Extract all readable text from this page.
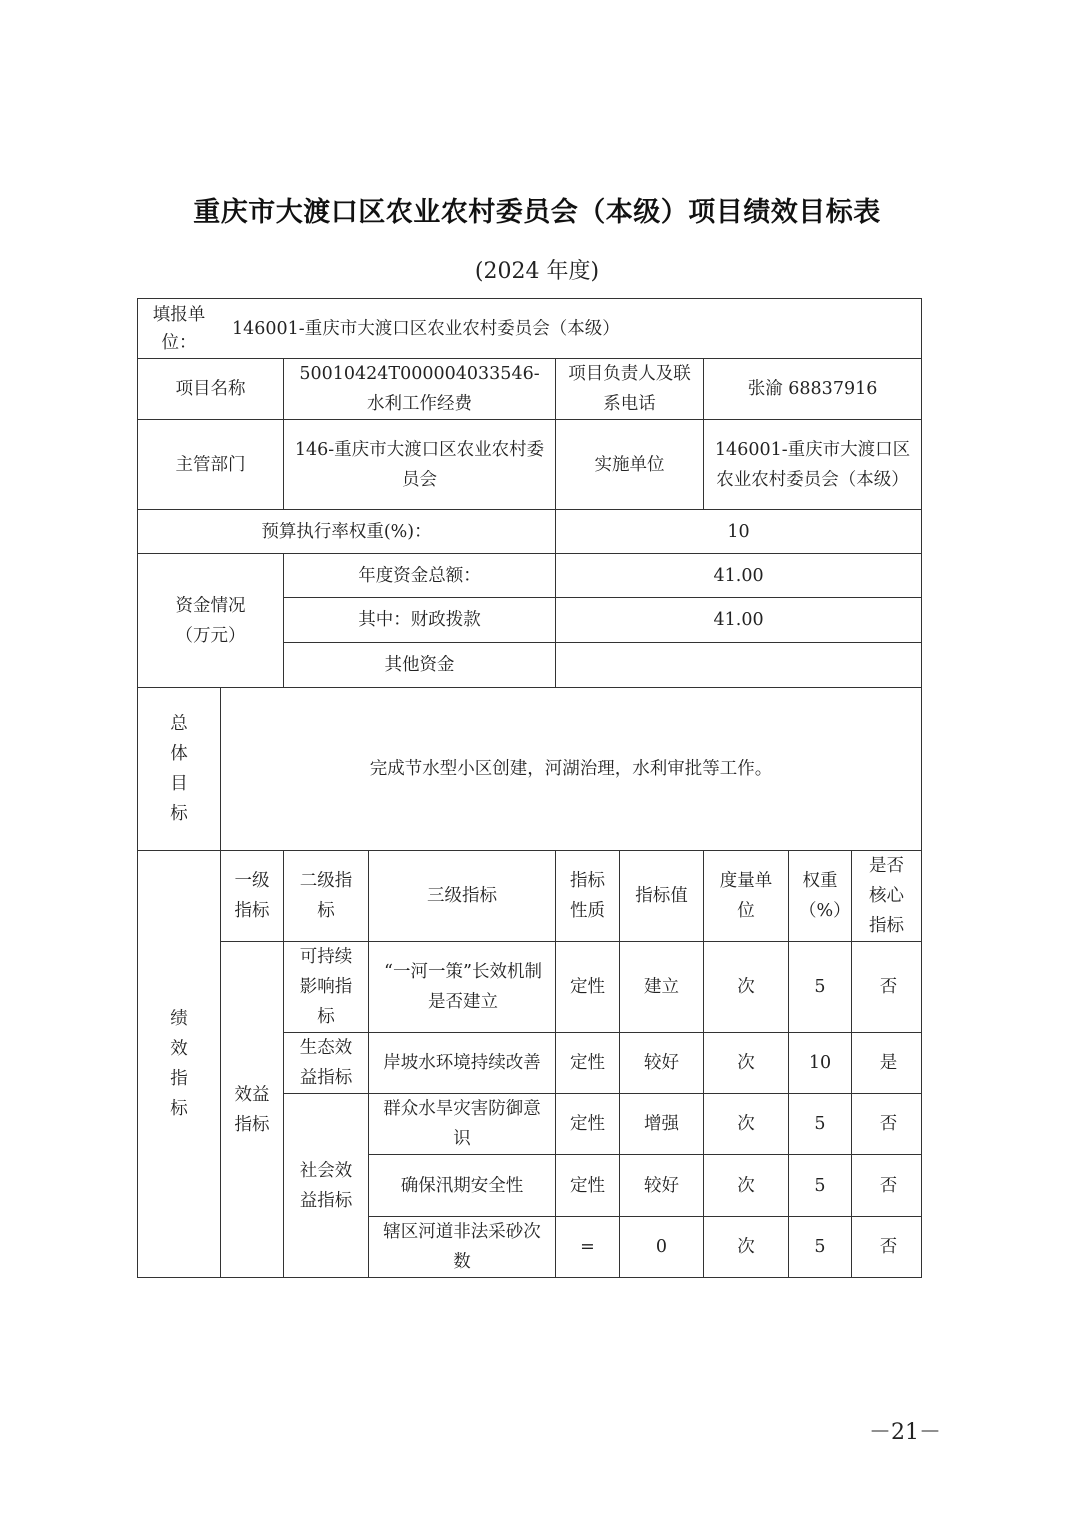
重庆市大渡口区农业农村委员会（本级）项目绩效目标表
(2024 年度)
填报单位：
146001-重庆市大渡口区农业农村委员会（本级）								

项目名称		50010424T000004033546-水利工作经费		项目负责人及联系电话		张渝 68837916		
主管部门		146-重庆市大渡口区农业农村委员会		实施单位		146001-重庆市大渡口区农业农村委员会（本级）		
预算执行率权重(%)：				10				
资金情况（万元）		年度资金总额：		41.00				
		其中：财政拨款		41.00				
		其他资金						

总体目标	完成节水型小区创建，河湖治理，水利审批等工作。							

绩效指标	一级指标	二级指标	三级指标	指标性质	指标值	度量单位	权重（%）	是否核心指标
	效益指标	可持续影响指标	“一河一策”长效机制是否建立	定性	建立	次	5	否
		生态效益指标	岸坡水环境持续改善	定性	较好	次	10	是
		社会效益指标	群众水旱灾害防御意识	定性	增强	次	5	否
			确保汛期安全性	定性	较好	次	5	否
			辖区河道非法采砂次数	=	0	次	5	否
－21－
